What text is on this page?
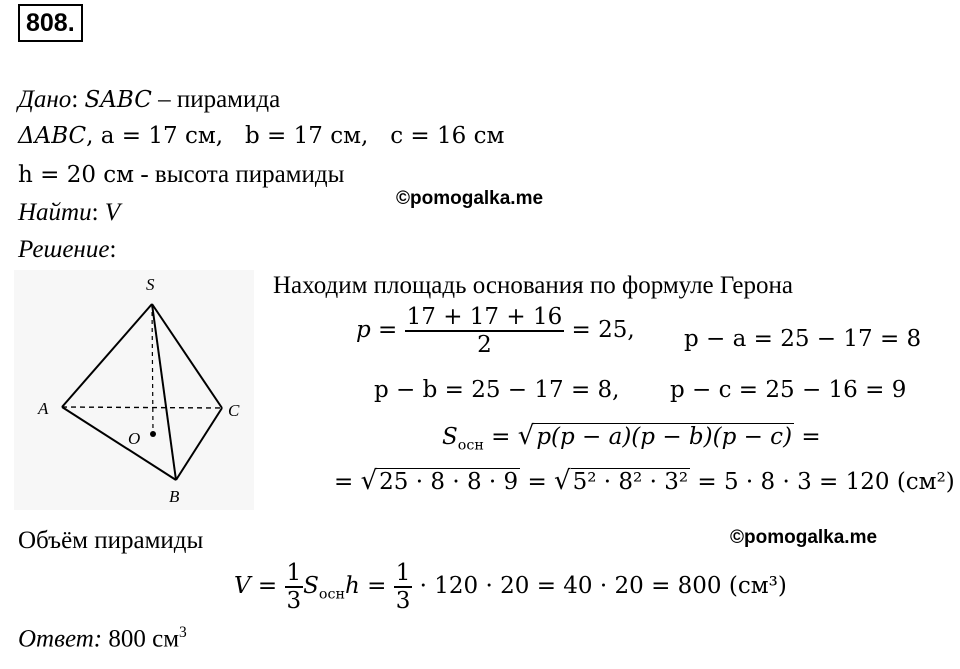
808.
Дано: SABC – пирамида
ΔABC, a = 17 см,   b = 17 см,   c = 16 см
h = 20 см - высота пирамиды
Найти: V
©pomogalka.me
Решение:
S
A	C
B
O
Находим площадь основания по формуле Герона
$p = \frac{17 + 17 + 16}{2} = 25$, p − a = 25 − 17 = 8
p − b = 25 − 17 = 8, p − c = 25 − 16 = 9
$S_{осн} = √p(p - a)(p - b)(p - c)$ =
= √25 · 8 · 8 · 9 = √5² · 8² · 3² = 5 · 8 · 3 = 120 (см²)
Объём пирамиды	©pomogalka.me
$V = \frac{1}{3} S_{осн}h = \frac{1}{3} \cdot 120 \cdot 20 = 40 \cdot 20 = 800$ (см³)
Ответ: 800 $см^3$
